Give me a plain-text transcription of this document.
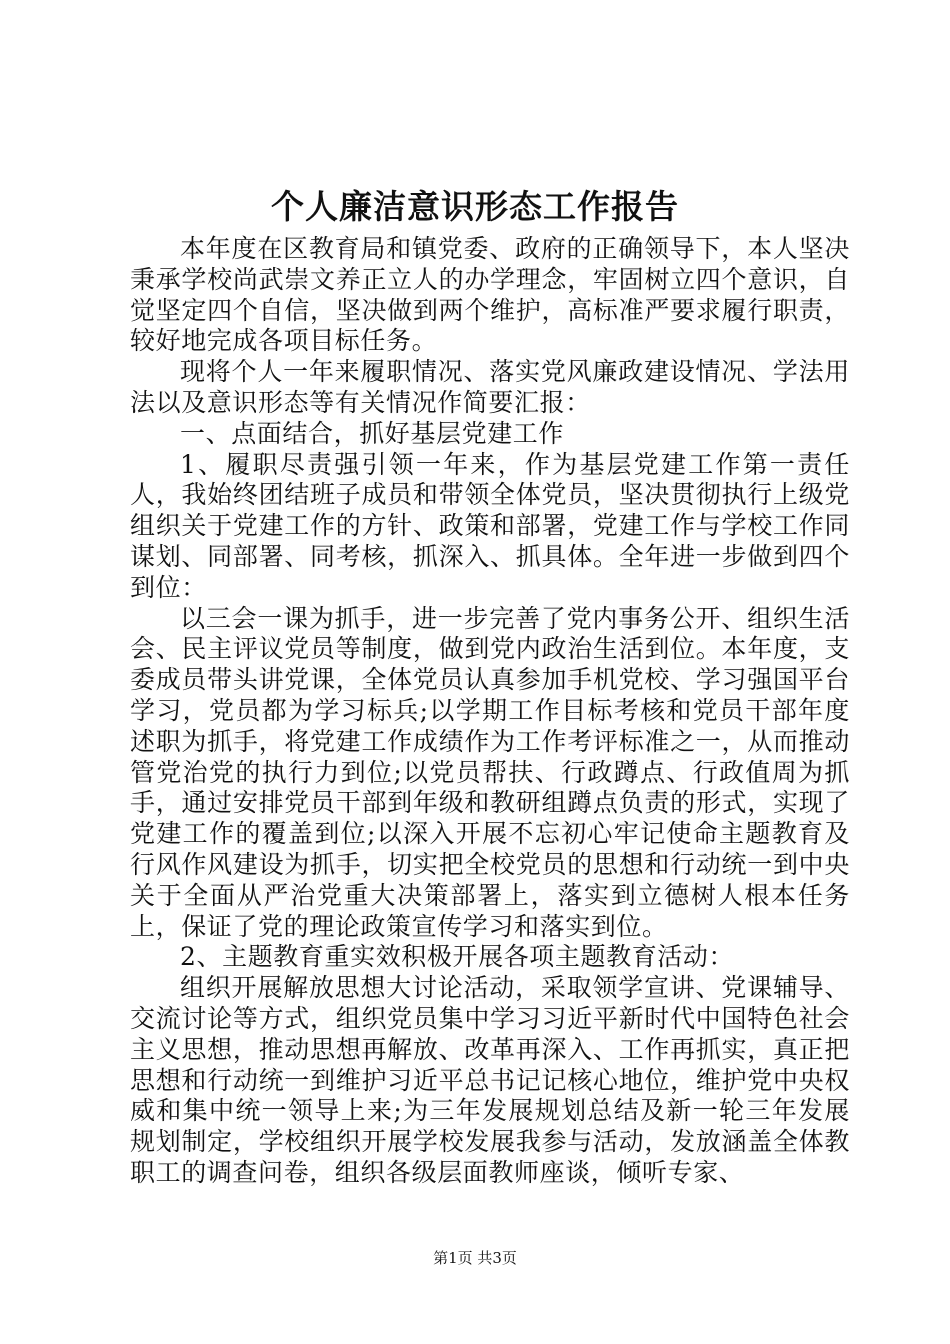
个人廉洁意识形态工作报告

本年度在区教育局和镇党委、政府的正确领导下，本人坚决秉承学校尚武崇文养正立人的办学理念，牢固树立四个意识，自觉坚定四个自信，坚决做到两个维护，高标准严要求履行职责，较好地完成各项目标任务。

现将个人一年来履职情况、落实党风廉政建设情况、学法用法以及意识形态等有关情况作简要汇报：

一、点面结合，抓好基层党建工作

1、履职尽责强引领一年来，作为基层党建工作第一责任人，我始终团结班子成员和带领全体党员，坚决贯彻执行上级党组织关于党建工作的方针、政策和部署，党建工作与学校工作同谋划、同部署、同考核，抓深入、抓具体。全年进一步做到四个到位：

以三会一课为抓手，进一步完善了党内事务公开、组织生活会、民主评议党员等制度，做到党内政治生活到位。本年度，支委成员带头讲党课，全体党员认真参加手机党校、学习强国平台学习，党员都为学习标兵;以学期工作目标考核和党员干部年度述职为抓手，将党建工作成绩作为工作考评标准之一，从而推动管党治党的执行力到位;以党员帮扶、行政蹲点、行政值周为抓手，通过安排党员干部到年级和教研组蹲点负责的形式，实现了党建工作的覆盖到位;以深入开展不忘初心牢记使命主题教育及行风作风建设为抓手，切实把全校党员的思想和行动统一到中央关于全面从严治党重大决策部署上，落实到立德树人根本任务上，保证了党的理论政策宣传学习和落实到位。

2、主题教育重实效积极开展各项主题教育活动：

组织开展解放思想大讨论活动，采取领学宣讲、党课辅导、交流讨论等方式，组织党员集中学习习近平新时代中国特色社会主义思想，推动思想再解放、改革再深入、工作再抓实，真正把思想和行动统一到维护习近平总书记记核心地位，维护党中央权威和集中统一领导上来;为三年发展规划总结及新一轮三年发展规划制定，学校组织开展学校发展我参与活动，发放涵盖全体教职工的调查问卷，组织各级层面教师座谈，倾听专家、

第1页 共3页
